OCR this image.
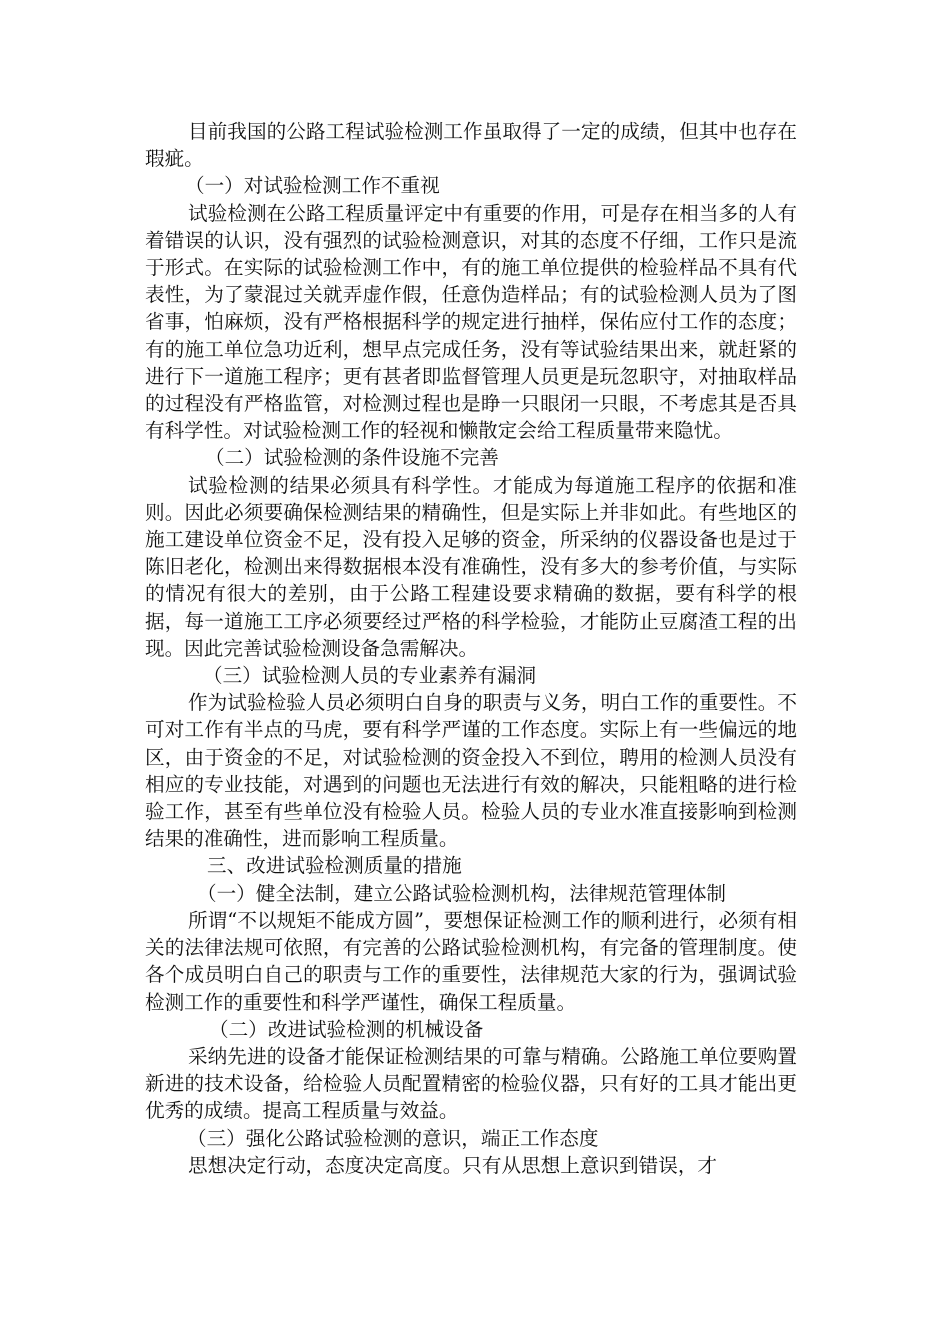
目前我国的公路工程试验检测工作虽取得了一定的成绩，但其中也存在瑕疵。

（一）对试验检测工作不重视

试验检测在公路工程质量评定中有重要的作用，可是存在相当多的人有着错误的认识，没有强烈的试验检测意识，对其的态度不仔细，工作只是流于形式。在实际的试验检测工作中，有的施工单位提供的检验样品不具有代表性，为了蒙混过关就弄虚作假，任意伪造样品；有的试验检测人员为了图省事，怕麻烦，没有严格根据科学的规定进行抽样，保佑应付工作的态度；有的施工单位急功近利，想早点完成任务，没有等试验结果出来，就赶紧的进行下一道施工程序；更有甚者即监督管理人员更是玩忽职守，对抽取样品的过程没有严格监管，对检测过程也是睁一只眼闭一只眼，不考虑其是否具有科学性。对试验检测工作的轻视和懒散定会给工程质量带来隐忧。

（二）试验检测的条件设施不完善

试验检测的结果必须具有科学性。才能成为每道施工程序的依据和准则。因此必须要确保检测结果的精确性，但是实际上并非如此。有些地区的施工建设单位资金不足，没有投入足够的资金，所采纳的仪器设备也是过于陈旧老化，检测出来得数据根本没有准确性，没有多大的参考价值，与实际的情况有很大的差别，由于公路工程建设要求精确的数据，要有科学的根据，每一道施工工序必须要经过严格的科学检验，才能防止豆腐渣工程的出现。因此完善试验检测设备急需解决。

（三）试验检测人员的专业素养有漏洞

作为试验检验人员必须明白自身的职责与义务，明白工作的重要性。不可对工作有半点的马虎，要有科学严谨的工作态度。实际上有一些偏远的地区，由于资金的不足，对试验检测的资金投入不到位，聘用的检测人员没有相应的专业技能，对遇到的问题也无法进行有效的解决，只能粗略的进行检验工作，甚至有些单位没有检验人员。检验人员的专业水准直接影响到检测结果的准确性，进而影响工程质量。

三、改进试验检测质量的措施

（一）健全法制，建立公路试验检测机构，法律规范管理体制

所谓“不以规矩不能成方圆”，要想保证检测工作的顺利进行，必须有相关的法律法规可依照，有完善的公路试验检测机构，有完备的管理制度。使各个成员明白自己的职责与工作的重要性，法律规范大家的行为，强调试验检测工作的重要性和科学严谨性，确保工程质量。

（二）改进试验检测的机械设备

采纳先进的设备才能保证检测结果的可靠与精确。公路施工单位要购置新进的技术设备，给检验人员配置精密的检验仪器，只有好的工具才能出更优秀的成绩。提高工程质量与效益。

（三）强化公路试验检测的意识，端正工作态度

思想决定行动，态度决定高度。只有从思想上意识到错误，才
